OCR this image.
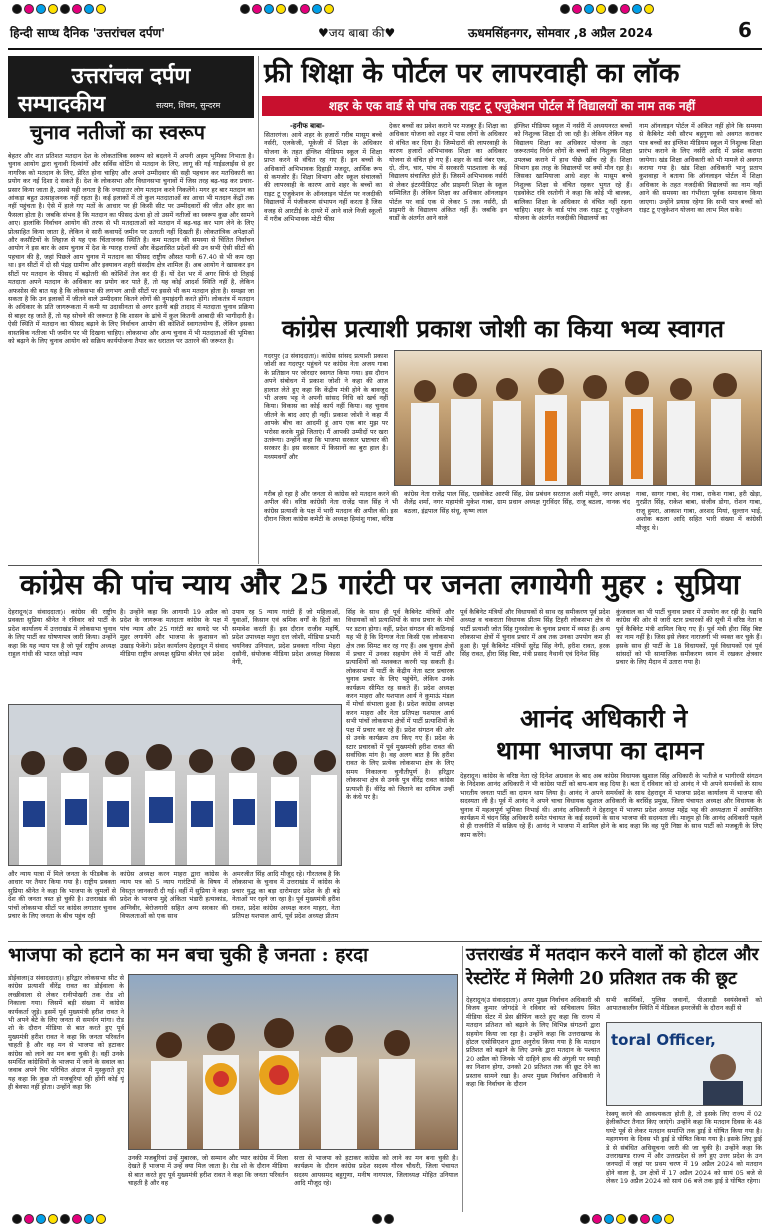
हिन्दी साप्ध दैनिक 'उत्तरांचल दर्पण'	♥जय बाबा की♥	ऊधमसिंहनगर, सोमवार ,8 अप्रैल 2024	6
उत्तरांचल दर्पण
सम्पादकीय	सत्यम, शिवम, सुन्दरम
चुनाव नतीजों का स्वरूप
बेहतर और शत प्रतिशत मतदान देश के लोकतांत्रिक स्वरूप को बदलने में अपनी अहम भूमिका निभाता है। चुनाव आयोग द्वारा चुनावी दिव्यांगों और सर्विस वोटिंग से मतदान के लिए, लागू की गई गाईडलाईंस से हर नागरिक को मतदान के लिए, प्रेरित होना चाहिए और अपने उम्मीदवार की सही पहचान कर मतधिकारी का प्रयोग कर नई दिशा दे सकते हैं। देश के लोकसभा और विधानसभा चुनावों में जिस तरह बढ़-चढ़ कर प्रचार-प्रसार किया जाता है, उससे यही लगता है कि ज्यादातर लोग मतदान करने निकलेंगे। मगर हर बार मतदान का आंकड़ा बहुत उत्साहजनक नहीं रहता है। कई इलाकों में तो कुल मतदाताओं का आधा भी मतदान केंद्रों तक नहीं पहुंचता है। ऐसे में हाले गए मतों के आधार पर ही किसी सीट पर उम्मीदवारों की जीत और हार का फैसला होता है। जबकि संभव है कि मतदान का फीसद ऊंचा हो तो उसमें नतीजों का स्वरूप कुछ और सामने आए। हालांकि निर्वाचन आयोग की तरफ से भी मतदाताओं को मतदान में बढ़-चढ़ कर भाग लेने के लिए प्रोत्साहित किया जाता है, लेकिन वे सारी कवायदें जमीन पर उतरती नहीं दिखती हैं। लोकतांत्रिक अपेक्षाओं और कसौटियों के लिहाज से यह एक चिंताजनक स्थिति है। कम मतदान की समस्या से चिंतित निर्वाचन आयोग ने इस बार के आम चुनाव में देश के ग्यारह राज्यों और केंद्रशासित प्रदेशों की उन सभी ऐसी सीटों की पहचान की है, जहां पिछले आम चुनाव में मतदान का फीसद राष्ट्रीय औसत यानी 67.40 से भी कम रहा था। इन सीटों में दो सौ पंद्रह ग्रामीण और इक्यावन शहरी संसदीय क्षेत्र शामिल हैं। अब आयोग ने खासकर इन सीटों पर मतदान के फीसद में बढ़ोतरी की कोशिशें तेज कर दी हैं। यों देश भर में अगर सिर्फ दो तिहाई मतदाता अपने मतदान के अधिकार का प्रयोग कर पाते हैं, तो यह कोई आदर्श स्थिति नहीं है, लेकिन अफसोस की बात यह है कि लोकसभा की लगभग आधी सीटों पर इससे भी कम मतदान होता है। समझा जा सकता है कि उन इलाकों में जीतने वाले उम्मीदवार कितने लोगों की नुमाइंदगी करते होंगे। लोकतंत्र में मतदान के अधिकार के प्रति जागरूकता में कमी या उदासीनता से अगर इतनी बड़ी तादाद में मतदाता चुनाव प्रक्रिया से बाहर रह जाते हैं, तो यह सोचने की जरूरत है कि शासन के ढांचे में कुल कितनी आबादी की भागीदारी है। ऐसी स्थिति में मतदान का फीसद बढ़ाने के लिए निर्वाचन आयोग की कोशिशें स्वागतयोग्य हैं, लेकिन इसका वास्तविक नतीजा भी जमीन पर भी दिखना चाहिए। लोकसभा और अन्य चुनाव में भी मतदाताओं की भूमिका को बढ़ाने के लिए चुनाव आयोग को सक्रिय कार्ययोजना तैयार कर धरातल पर उतारने की जरूरत है।
फ्री शिक्षा के पोर्टल पर लापरवाही का लॉक
शहर के एक वार्ड से पांच तक राइट टू एजुकेशन पोर्टल में विद्यालयों का नाम तक नहीं
-हनीफ बाबा-
सितारगंज। आये शहर के हजारों गरीब मासूम बच्चे नर्सरी, एलकेजी, यूकेजी में शिक्षा के अधिकार योजना के तहत इंग्लिश मीडियम स्कूल में शिक्षा प्राप्त करने से वंचित रह गए हैं। इन बच्चों के अधिकारों अभिभावक दिहाड़ी मजदूर, आर्थिक रूप से कमजोर हैं। शिक्षा विभाग और स्कूल संचालकों की लापरवाही के कारण आधे शहर के बच्चों का राइट टू एजुकेशन के ऑनलाइन पोर्टल पर नजदीकी विद्यालयों में पंजीकरण संभापन नहीं करता है जिस वजह से आरटीई के दायरे में आने वाले निजी स्कूलों में गरीब अभिभावक मोटी फीस
देकर बच्चों का प्रवेश कराने पर मजबूर हैं। शिक्षा का अधिकार योजना को शहर में पास लोगों के अधिकार से वंचित कर दिया है। जिम्मेदारों की लापरवाही के कारण हजारों अभिभावक शिक्षा का अधिकार योजना से वंचित हो गए हैं। शहर के वार्ड नंबर एक, दो, तीन, चार, पांच में सरकारी पाठशाला के कई विद्यालय संचालित होते हैं। जिसमें अभिभावक नर्सरी से लेकर इंटरमीडिएट और प्राइमरी शिक्षा के स्कूल सम्मिलित हैं। लेकिन शिक्षा का अधिकार ऑनलाइन पोर्टल पर वार्ड एक से लेकर 5 तक नर्सरी, प्री प्राइमरी के विद्यालय अंकित नहीं हैं। जबकि इन वार्डों के अंतर्गत आने वाले
इंग्लिश मीडियम स्कूल में नर्सरी में अध्ययनरत बच्चों को निशुल्क शिक्षा दी जा रही है। लेकिन लेकिन यह विद्यालय शिक्षा का अधिकार योजना के तहत जरूरतमंद निर्धन लोगों के बच्चों को निशुल्क शिक्षा उपलब्ध कराने में हाथ पीछे खींच रहे हैं। शिक्षा विभाग इस तरह के विद्यालयों पर क्यों मौन रहा है। जिसका खामियाजा आधे शहर के मासूम बच्चे निशुल्क शिक्षा से वंचित रहकर भुगत रहे हैं। एडवोकेट रवि रस्तोगी ने कहा कि कोई भी बालक, बालिका शिक्षा के अधिकार से वंचित नहीं रहना चाहिए। शहर के वार्ड पांच तक राइट टू एजुकेशन योजना के अंतर्गत नजदीकी विद्यालयों का
नाम ऑनलाइन पोर्टल में अंकित नहीं होने कि समस्या से कैबिनेट मंत्री सौरभ बहुगुणा को अवगत कराकर पात्र बच्चों का इंग्लिश मीडियम स्कूल में निशुल्क शिक्षा प्रारंभ कराने के लिए नर्सरी आदि में प्रवेश कराया जायेगा। खंड शिक्षा अधिकारी को भी मामले से अवगत कराया गया है। खंड शिक्षा अधिकारी भानु प्रताप कुशवाहा ने बताया कि ऑनलाइन पोर्टल में शिक्षा अधिकार के तहत नजदीकी विद्यालयों का नाम नहीं आने की समस्या का गंभीरता पूर्वक समाधान किया जाएगा। उन्होंने प्रयास रहेगा कि सभी पात्र बच्चों को राइट टू एजुकेशन योजना का लाभ मिल सके।
कांग्रेस प्रत्याशी प्रकाश जोशी का किया भव्य स्वागत
गदरपुर (उ संवाददाता)। कांग्रेस सांसद प्रत्याशी प्रकाश जोशी का गदरपुर पहुंचने पर कांग्रेस नेता अजय गाबा के प्रतिष्ठान पर जोरदार स्वागत किया गया। इस दौरान अपने संबोधन में प्रकाश जोशी ने कहा की आज हालात लेते हुए कहा कि केंद्रीय मंत्री होने के बावजूद भी अजय भट्ट ने अपनी सांसद निधि को खर्च नहीं किया। विकास का कोई कार्य नहीं किया। वह चुनाव जीतने के बाद आए ही नहीं। प्रकाश जोशी ने कहा मैं आपके बीच का आदमी हूं आप एक बार मुझ पर भरोसा करके मुझे जिताएं। मैं आपकी उम्मीदों पर खरा उतरूंगा। उन्होंने कहा कि भाजपा सरकार भ्रष्टाचार की सरकार है। इस सरकार में किसानों का बुरा हाल है। मध्यमवर्गों और
गरीब हो रहा है और जनता से कांग्रेस को मतदान करने की अपील की। वरिष्ठ कांग्रेसी नेता राजेंद्र पाल सिंह ने भी कांग्रेस प्रत्याशी के पक्ष में भारी मतदान की अपील की। इस दौरान जिला कांग्रेस कमेटी के अध्यक्ष हिमांशु गाबा, वरिष्ठ
कांग्रेस नेता राजेंद्र पाल सिंह, एडवोकेट आरपी सिंह, प्रेस प्रबंधन सरताज अली मंसूरी, नगर अध्यक्ष शैलेंद्र शर्मा, नगर महामंत्री मुकेश गाबा, ग्राम प्रधान अध्यक्ष गुरविंदर सिंह, राजू बठला, नानक चंद बठला, इंद्रपाल सिंह संधू, कृष्ण लाल
गाबा, सागर गाबा, वेद गाबा, राकेश गाबा, हरी खेड़ा, गुरप्रीत सिंह, राकेश बाबा, संजीव डोगा, रोशन गाबा, राजू हुमरा, आकाश गाबा, अरशद मियां, सुल्तान भाई, अशोक बठला आदि सहित भारी संख्या में कांग्रेसी मौजूद थे।
कांग्रेस की पांच न्याय और 25 गारंटी पर जनता लगायेगी मुहर : सुप्रिया
देहरादून(उ संवाददाता)। कांग्रेस की राष्ट्रीय प्रवक्ता सुप्रिया श्रीनेत ने रविवार को पार्टी के प्रदेश कार्यालय में उत्तराखंड में लोकसभा चुनाव के लिए पार्टी का घोषणापत्र जारी किया। उन्होंने कहा कि यह न्याय पत्र है जो पूर्व राष्ट्रीय अध्यक्ष राहुल गांधी की भारत जोड़ो न्याय
है। उन्होंने कहा कि आगामी 19 अप्रैल को प्रदेश के जागरूक मतदाता कांग्रेस के पक्ष में पांच न्याय और 25 गारंटी का वायदे पर भी मुहर लगायेंगे और भाजपा के कुशासन को उखाड़ फेकेंगे। प्रदेश कार्यालय देहरादून में संवाद मीडिया राष्ट्रीय अध्यक्ष सुप्रिया श्रीनेत एवं प्रदेश
उपाय रह 5 न्याय गारंटी हैं जो महिलाओं, युवाओं, किसान एवं श्रमिक वर्गों के हितों का समावेश करती हैं। इस दौरान राजीव महर्षि, प्रदेश उपाध्यक्ष मथुरा दत्त जोशी, मीडिया प्रभारी चयनिका उनियाल, प्रदेश प्रवक्ता गरिमा मेहरा दसौनी, संयोजक मीडिया प्रदेश अध्यक्ष विकास नेगी,
सिंह के साथ ही पूर्व कैबिनेट मंत्रियों और विधायकों को प्रत्याशियों के साथ प्रचार के मोर्चे पर डटना होगा। वहीं, प्रदेश संगठन की कठिनाई यह भी है कि दिग्गज नेता किसी एक लोकसभा क्षेत्र तक सिमट कर रह गए हैं। अब चुनाव क्षेत्रों में प्रचार में उनका सहयोग लेने में पार्टी और प्रत्याशियों को मशक्कत करनी पड़ सकती है। लोकसभा में पार्टी के केंद्रीय नेता स्टार प्रचारक चुनाव प्रचार के लिए पहुंचेंगे, लेकिन उनके कार्यक्रम सीमित रह सकते हैं। प्रदेश अध्यक्ष करन माहरा और यशपाल आर्य ने कुमाऊं मंडल में मोर्चा संभाला हुआ है। प्रदेश कांग्रेस अध्यक्ष करन माहरा और नेता प्रतिपक्ष यशपाल आर्य सभी पांचों लोकसभा क्षेत्रों में पार्टी प्रत्याशियों के पक्ष में प्रचार कर रहे हैं। प्रदेश संगठन की ओर से उनके कार्यक्रम तय किए गए हैं। प्रदेश के स्टार प्रचारकों में पूर्व मुख्यमंत्री हरीश रावत की सर्वाधिक मांग है। वह अलग बात है कि हरीश रावत के लिए प्रत्येक लोकसभा क्षेत्र के लिए समय निकालना चुनौतीपूर्ण है। हरिद्वार लोकसभा क्षेत्र से उनके पुत्र वीरेंद्र रावत कांग्रेस प्रत्याशी हैं। वीरेंद्र को जिताने का दायित्व उन्हीं के कंधे पर है।
पूर्व कैबिनेट मंत्रियों और विधायकों से साथ रह समीकरण पूर्व प्रदेश अध्यक्ष व चकराता विधायक प्रीतम सिंह टिहरी लोकसभा क्षेत्र से पार्टी प्रत्याशी जोत सिंह गुनसोला के चुनाव प्रचार में व्यस्त हैं। अन्य लोकसभा क्षेत्रों में चुनाव प्रचार में अब तक उनका उपयोग कम ही हुआ है। पूर्व कैबिनेट मंत्रियों सुरेंद्र सिंह नेगी, हरीश रावत, हरक सिंह रावत, हीरा सिंह बिष्ट, मंत्री प्रसाद नैथानी एवं दिनेश सिंह
कुंजवाल का भी पार्टी चुनाव प्रचार में उपयोग कर रही है। यद्यपि कांग्रेस की ओर से जारी स्टार प्रचारकों की सूची में वरिष्ठ नेता व पूर्व कैबिनेट मंत्री शामिल किए गए हैं। पूर्व मंत्री हीरा सिंह बिष्ट का नाम नहीं है। जिस इसे लेकर नाराजगी भी व्यक्त कर चुके हैं। इसके साथ ही पार्टी के 18 विधायकों, पूर्व विधायकों एवं पूर्व सांसदों को भी सामाजिक समीकरण ध्यान में रखकर क्षेत्रवार प्रचार के लिए मैदान में उतारा गया है।
और न्याय यात्रा में मिले जनता के फीडबैक के आधार पर तैयार किया गया है। राष्ट्रीय प्रवक्ता सुप्रिया श्रीनेत ने कहा कि भाजपा के जुमलों से देश की जनता त्रस्त हो चुकी है। उत्तराखंड की पांचों लोकसभा सीटों पर कांग्रेस लगातार चुनाव प्रचार के लिए जनता के बीच पहुंच रही
कांग्रेस अध्यक्ष करन माहरा द्वारा कांग्रेस के न्याय पत्र को 5 न्याय गारंटियों के विषय में विस्तृत जानकारी दी गई। वहीं में सुप्रिया ने कहा प्रदेश के भाजपा मुद्दे अंकिता भंडारी हत्याकांड, अग्निवीर, बेरोजगारी सहित अन्य सरकार की विफलताओं को एक साथ
अमरजीत सिंह आदि मौजूद रहे। गौरतलब है कि लोकसभा के चुनाव में उत्तराखंड में कांग्रेस के प्रचार युद्ध का बड़ा दारोमदार प्रदेश के ही बड़े नेताओं पर रहने जा रहा है। पूर्व मुख्यमंत्री हरीश रावत, प्रदेश कांग्रेस अध्यक्ष करन माहरा, नेता प्रतिपक्ष यशपाल आर्य, पूर्व प्रदेश अध्यक्ष प्रीतम
आनंद अधिकारी ने
थामा भाजपा का दामन
देहरादून। कांग्रेस के वरिष्ठ नेता रहे दिनेश अग्रवाल के बाद अब कांग्रेस विधायक खुशाल सिंह अधिकारी के भतीजे व भागीरथी संगठन के निदेशक आनंद अधिकारी ने भी कांग्रेस पार्टी को बाय-बाय कह दिया है। बता दें रविवार को दो आनंद ने भी अपने समर्थकों के साथ भारतीय जनता पार्टी का दामन थाम लिया है। आनंद ने अपने समर्थकों के साथ देहरादून में भाजपा प्रदेश कार्यालय में भाजपा की सदस्यता ली है। पूर्व में आनंद ने अपने चाचा विधायक खुशाल अधिकारी के बरसिंह प्रमुख, जिला पंचायत अध्यक्ष और विधायक के चुनाव में महत्वपूर्ण भूमिका निभाई थी। आनंद अधिकारी ने देहरादून में भाजपा प्रदेश अध्यक्ष महेंद्र भट्ट की अध्यक्षता में आयोजित कार्यक्रम में चंदन सिंह अधिकारी समेत पंचायत के कई सदस्यों के साथ भाजपा की सदस्यता ली। मालूम हो कि आनंद अधिकारी पहले से ही राजनीति में सक्रिय रहे हैं। आनंद ने भाजपा में शामिल होने के बाद कहा कि वह पूरी निष्ठा के साथ पार्टी को मजबूती के लिए काम करेंगे।
भाजपा को हटाने का मन बचा चुकी है जनता : हरदा
डोईवाला(उ संवाददाता)। हरिद्वार लोकसभा सीट से कांग्रेस प्रत्याशी वीरेंद्र रावत का डोईवाला के लच्छीवाला से लेकर रानीपोखरी तक रोड शो निकाला गया। जिसमें बड़ी संख्या में कांग्रेस कार्यकर्ता जुड़े। इसमें पूर्व मुख्यमंत्री हरीश रावत ने भी अपने बेटे के लिए जनता से समर्थन मांगा। रोड शो के दौरान मीडिया से बात करते हुए पूर्व मुख्यमंत्री हरीश रावत ने कहा कि जनता परिवर्तन चाहती है और वह मन से भाजपा को हटाकर कांग्रेस को लाने का मन बना चुकी है। वहीं उनके समर्थित कांग्रेसियों के भाजपा में जाने के सवाल का जवाब अपने चिर परिचित अंदाज में मुस्कुराते हुए यह कहा कि कुछ तो मजबूरियां रही होंगी कोई यूं ही बेवफा नहीं होता। उन्होंने कहा कि
उनकी मजबूरियां उन्हें मुबारक, जो सम्मान और प्यार कांग्रेस में मिला देखते हैं भाजपा में उन्हें क्या मिल जाता है। रोड शो के दौरान मीडिया से बात करते हुए पूर्व मुख्यमंत्री हरीश रावत ने कहा कि जनता परिवर्तन चाहती है और वह
सत्ता से भाजपा को हटाकर कांग्रेस को लाने का मन बना चुकी है। कार्यक्रम के दौरान कांग्रेस प्रदेश सदस्य गौरव चौधरी, जिला पंचायत सदस्य आयसमद बहुगुणा, मनीष नागपाल, जिलाध्यक्ष मोहित उनियाल आदि मौजूद रहे।
उत्तराखंड में मतदान करने वालों को होटल और
रेस्टोरेंट में मिलेगी 20 प्रतिशत तक की छूट
देहरादून(उ संवाददाता)। अपर मुख्य निर्वाचन अधिकारी श्री विजय कुमार जोगदंडे ने रविवार को सचिवालय स्थित मीडिया सेंटर में प्रेस ब्रीफिंग करते हुए कहा कि राज्य में मतदान प्रतिशत को बढ़ाने के लिए विभिन्न संगठनों द्वारा सहयोग किया जा रहा है। उन्होंने कहा कि उत्तराखण्ड के होटल एसोसिएशन द्वारा अनुरोध किया गया है कि मतदान प्रतिशत को बढ़ाने के लिए उनके द्वारा मतदान के पश्चात 20 अप्रैल को जिनके भी दाहिने हाथ की अंगुली पर स्याही का निशान होगा, उनको 20 प्रतिशत तक की छूट देने का प्रस्ताव सामने रखा है। अपर मुख्य निर्वाचन अधिकारी ने कहा कि निर्वाचन के दौरान
सभी कार्मिकों, पुलिस जवानों, पीआरडी स्वयंसेवकों को आपातकालीन स्थिति में मेडिकल इमरजेंसी के दौरान कहीं से
toral Officer,
रेस्क्यू करने की आवश्यकता होती है, तो इसके लिए राज्य में 02 हेलीकॉप्टर तैनात किए जाएंगे। उन्होंने कहा कि मतदान दिवस के 48 घण्टे पूर्व से लेकर मतदान समाप्ति तक ड्राई डे घोषित किया गया है। महागणना के दिवस भी ड्राई डे घोषित किया गया है। इसके लिए ड्राई डे से संबंधित अधिसूचना जारी की जा चुकी है। उन्होंने कहा कि उत्तराखण्ड राज्य में और उत्तरप्रदेश से लगे हुए उत्तर प्रदेश के उन जनपदों में जहां पर प्रथम चरण में 19 अप्रैल 2024 को मतदान होने वाला है, उन क्षेत्रों में 17 अप्रैल 2024 को सायं 05 बजे से लेकर 19 अप्रैल 2024 को सायं 06 बजे तक ड्राई डे घोषित रहेगा।
